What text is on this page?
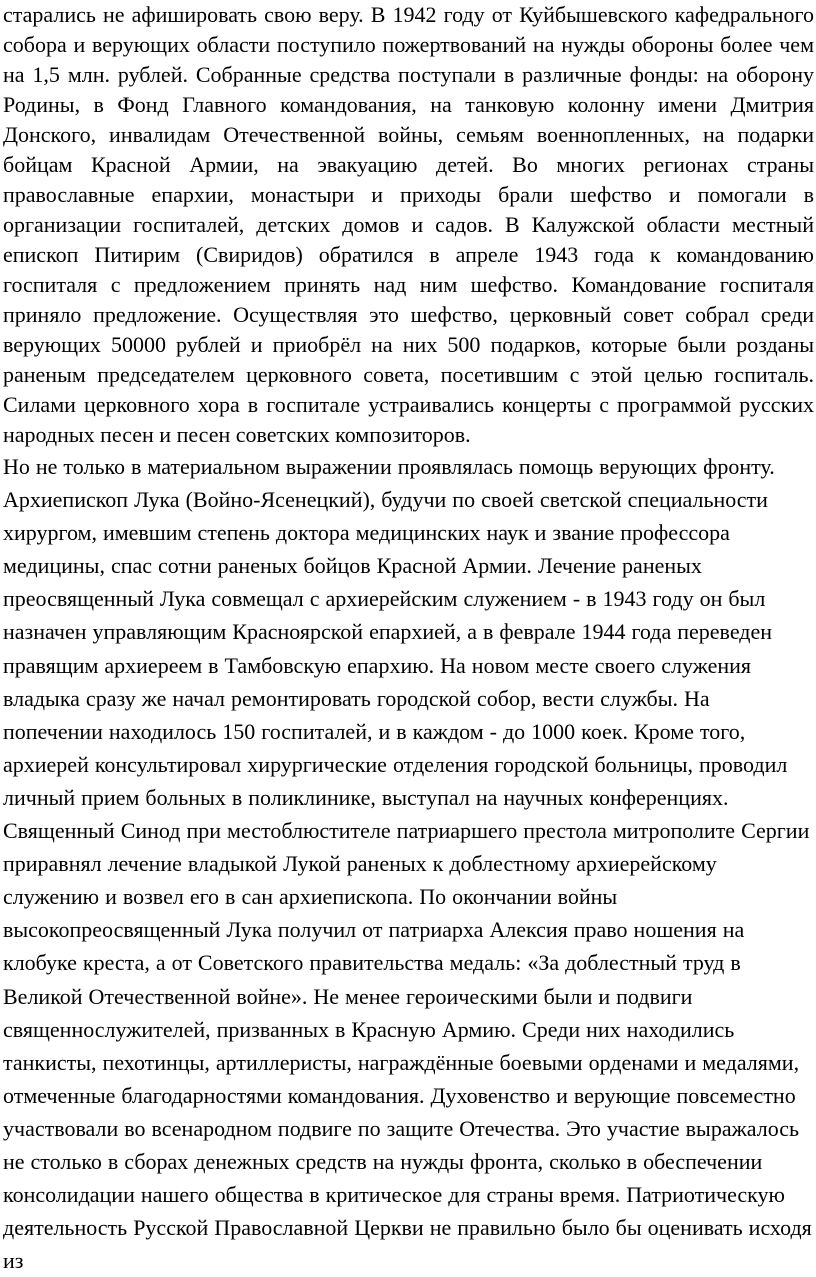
старались не афишировать свою веру. В 1942 году от Куйбышевского кафедрального собора и верующих области поступило пожертвований на нужды обороны более чем на 1,5 млн. рублей. Собранные средства поступали в различные фонды: на оборону Родины, в Фонд Главного командования, на танковую колонну имени Дмитрия Донского, инвалидам Отечественной войны, семьям военнопленных, на подарки бойцам Красной Армии, на эвакуацию детей. Во многих регионах страны православные епархии, монастыри и приходы брали шефство и помогали в организации госпиталей, детских домов и садов. В Калужской области местный епископ Питирим (Свиридов) обратился в апреле 1943 года к командованию госпиталя с предложением принять над ним шефство. Командование госпиталя приняло предложение. Осуществляя это шефство, церковный совет собрал среди верующих 50000 рублей и приобрёл на них 500 подарков, которые были розданы раненым председателем церковного совета, посетившим с этой целью госпиталь. Силами церковного хора в госпитале устраивались концерты с программой русских народных песен и песен советских композиторов.

Но не только в материальном выражении проявлялась помощь верующих фронту. Архиепископ Лука (Войно-Ясенецкий), будучи по своей светской специальности хирургом, имевшим степень доктора медицинских наук и звание профессора медицины, спас сотни раненых бойцов Красной Армии. Лечение раненых преосвященный Лука совмещал с архиерейским служением - в 1943 году он был назначен управляющим Красноярской епархией, а в феврале 1944 года переведен правящим архиереем в Тамбовскую епархию. На новом месте своего служения владыка сразу же начал ремонтировать городской собор, вести службы. На попечении находилось 150 госпиталей, и в каждом - до 1000 коек. Кроме того, архиерей консультировал хирургические отделения городской больницы, проводил личный прием больных в поликлинике, выступал на научных конференциях. Священный Синод при местоблюстителе патриаршего престола митрополите Сергии приравнял лечение владыкой Лукой раненых к доблестному архиерейскому служению и возвел его в сан архиепископа. По окончании войны высокопреосвященный Лука получил от патриарха Алексия право ношения на клобуке креста, а от Советского правительства медаль: «За доблестный труд в Великой Отечественной войне». Не менее героическими были и подвиги священнослужителей, призванных в Красную Армию. Среди них находились танкисты, пехотинцы, артиллеристы, награждённые боевыми орденами и медалями, отмеченные благодарностями командования. Духовенство и верующие повсеместно участвовали во всенародном подвиге по защите Отечества. Это участие выражалось не столько в сборах денежных средств на нужды фронта, сколько в обеспечении консолидации нашего общества в критическое для страны время. Патриотическую деятельность Русской Православной Церкви не правильно было бы оценивать исходя из
